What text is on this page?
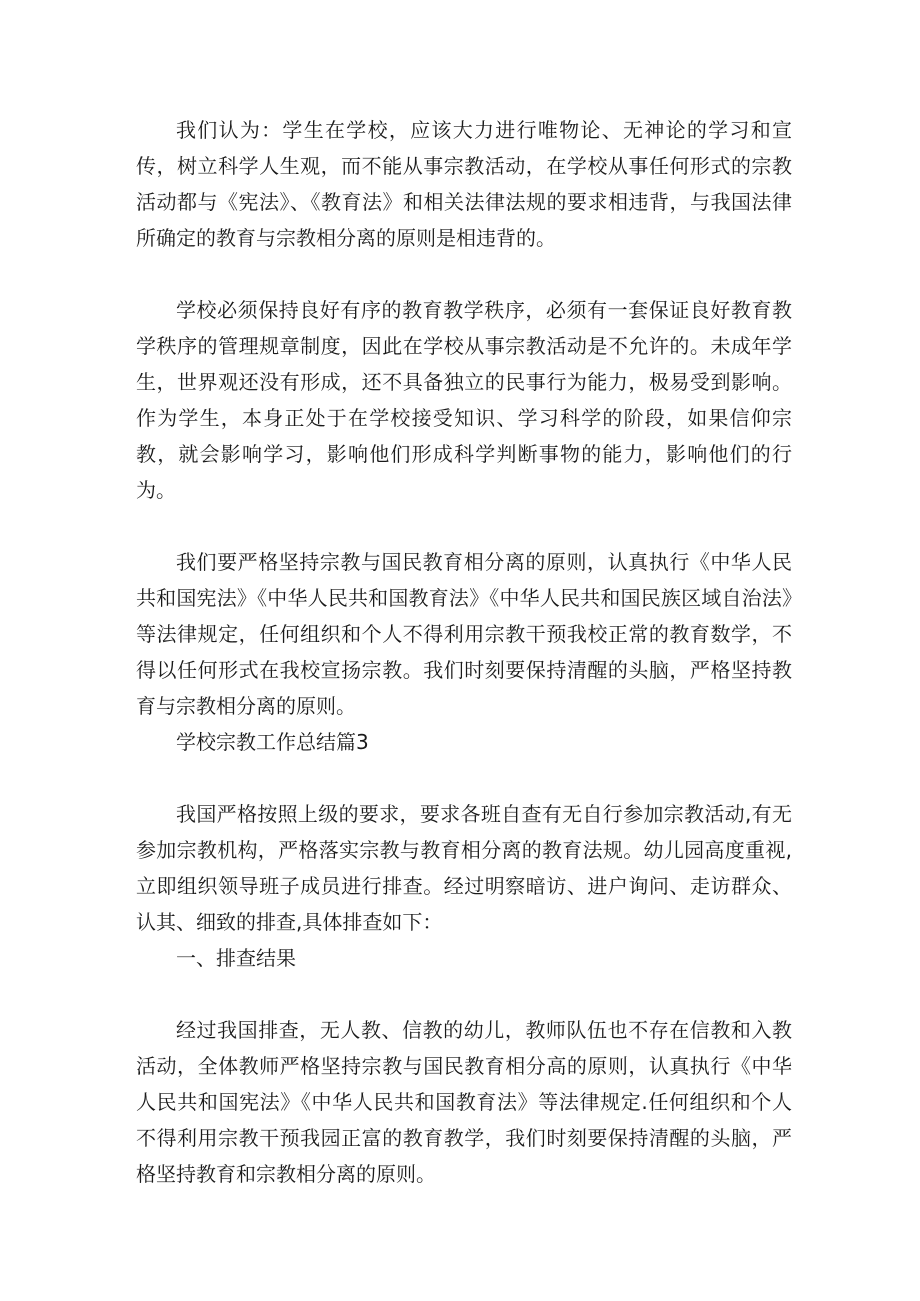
我们认为：学生在学校，应该大力进行唯物论、无神论的学习和宣传，树立科学人生观，而不能从事宗教活动，在学校从事任何形式的宗教活动都与《宪法》、《教育法》和相关法律法规的要求相违背，与我国法律所确定的教育与宗教相分离的原则是相违背的。

学校必须保持良好有序的教育教学秩序，必须有一套保证良好教育教学秩序的管理规章制度，因此在学校从事宗教活动是不允许的。未成年学生，世界观还没有形成，还不具备独立的民事行为能力，极易受到影响。作为学生，本身正处于在学校接受知识、学习科学的阶段，如果信仰宗教，就会影响学习，影响他们形成科学判断事物的能力，影响他们的行为。

我们要严格坚持宗教与国民教育相分离的原则，认真执行《中华人民共和国宪法》《中华人民共和国教育法》《中华人民共和国民族区域自治法》等法律规定，任何组织和个人不得利用宗教干预我校正常的教育数学，不得以任何形式在我校宣扬宗教。我们时刻要保持清醒的头脑，严格坚持教育与宗教相分离的原则。

学校宗教工作总结篇3

我国严格按照上级的要求，要求各班自查有无自行参加宗教活动,有无参加宗教机构，严格落实宗教与教育相分离的教育法规。幼儿园高度重视,立即组织领导班子成员进行排查。经过明察暗访、进户询问、走访群众、认其、细致的排查,具体排查如下：

一、排查结果

经过我国排查，无人教、信教的幼儿，教师队伍也不存在信教和入教活动，全体教师严格坚持宗教与国民教育相分高的原则，认真执行《中华人民共和国宪法》《中华人民共和国教育法》等法律规定.任何组织和个人不得利用宗教干预我园正富的教育教学，我们时刻要保持清醒的头脑，严格坚持教育和宗教相分离的原则。
